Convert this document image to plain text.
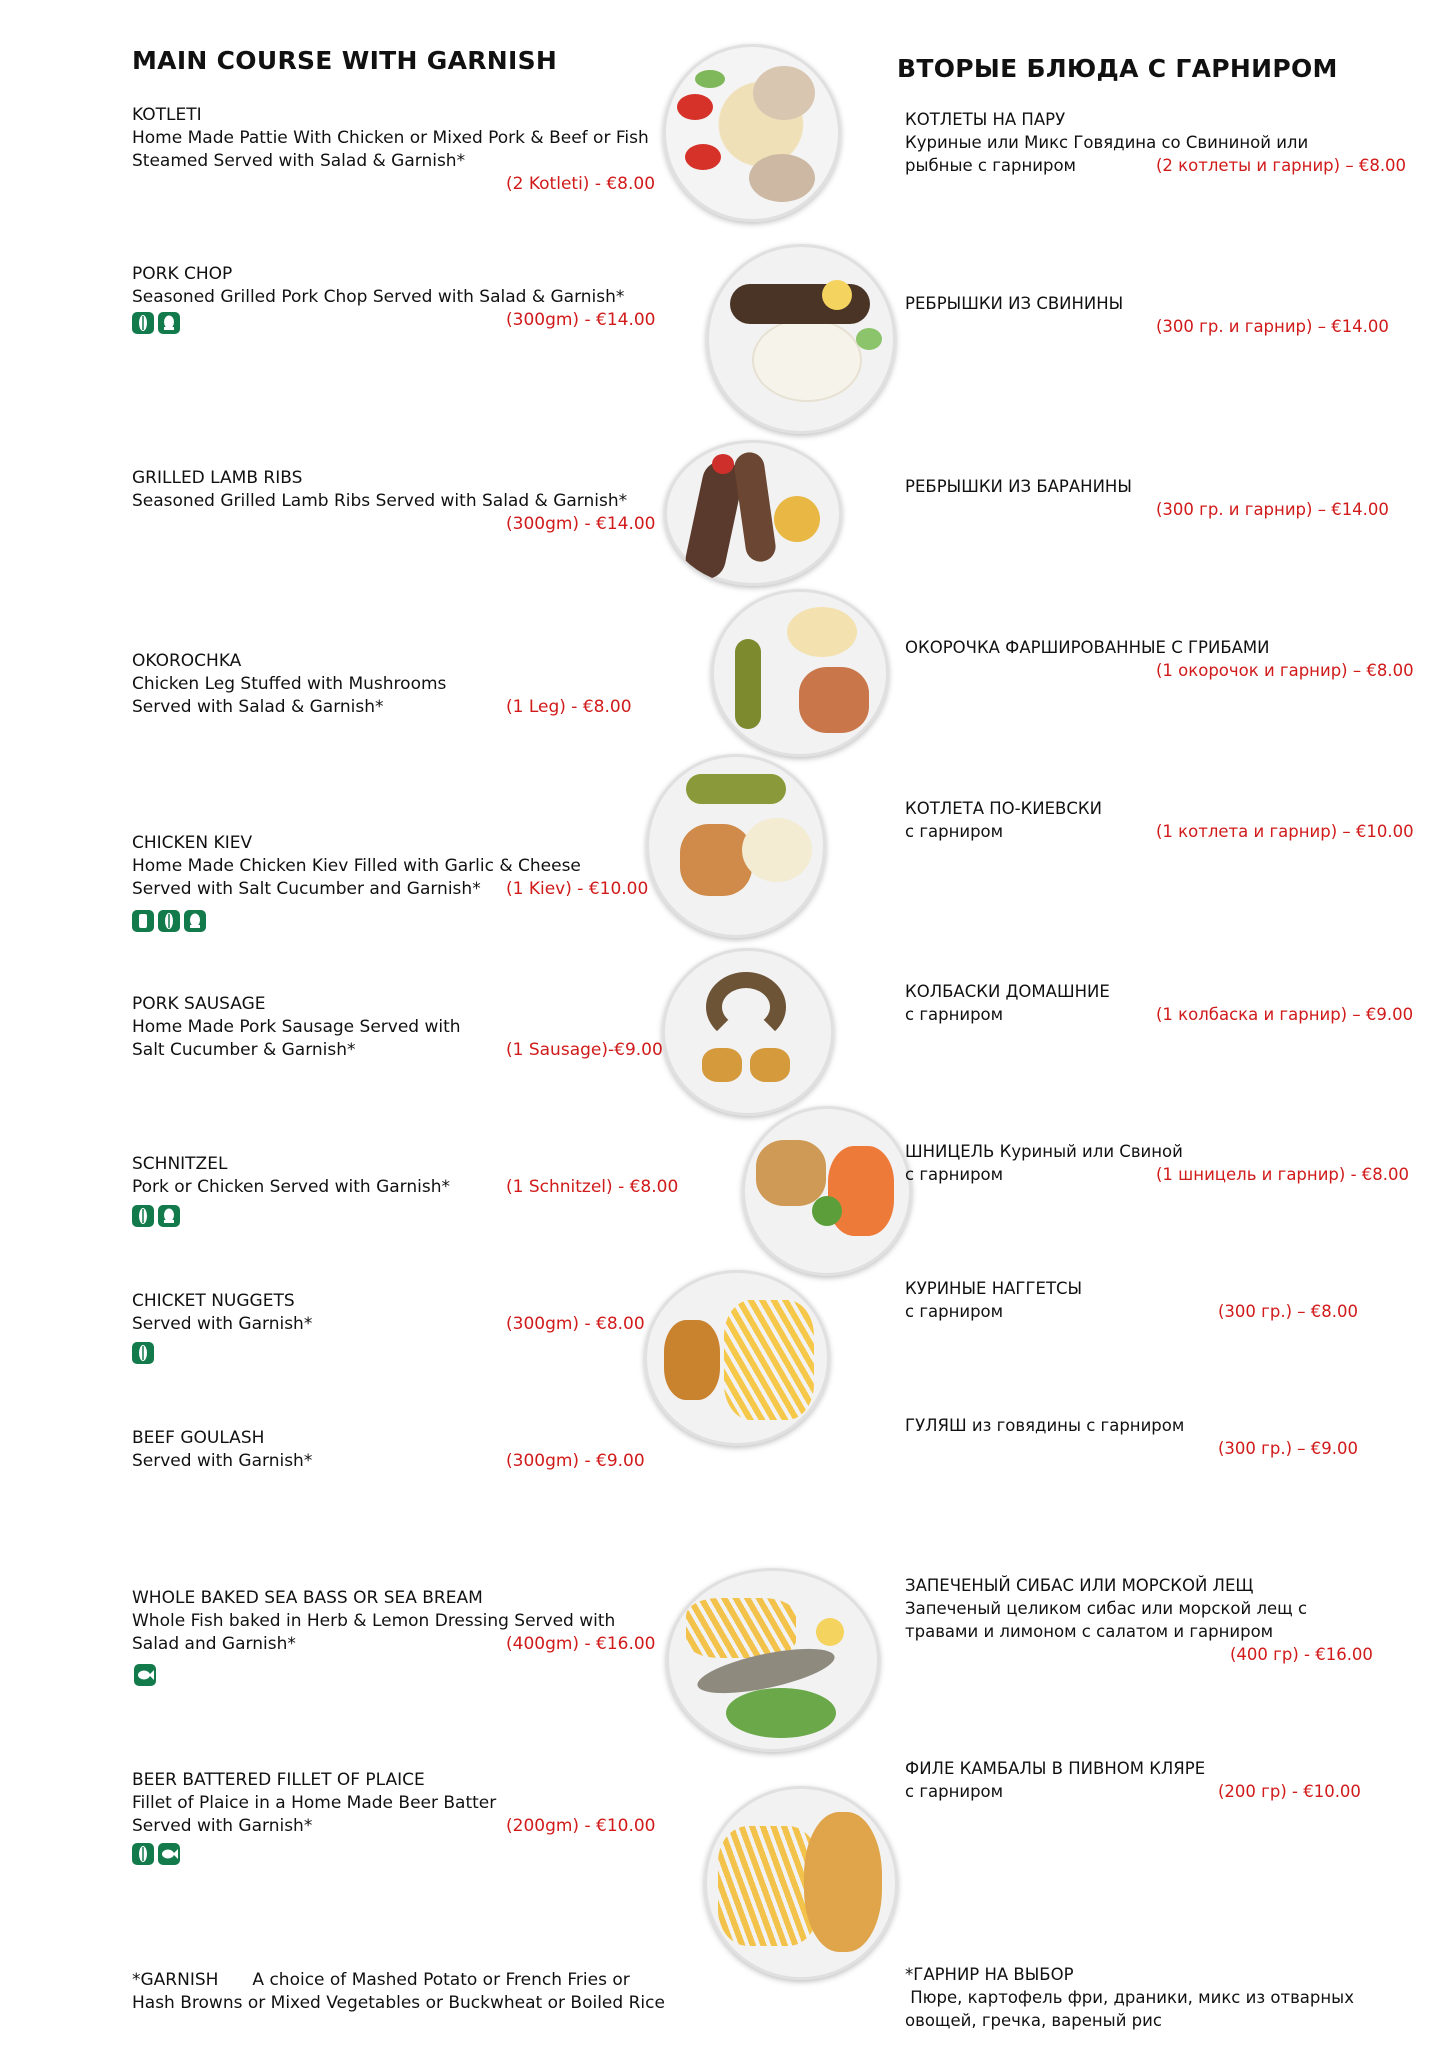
MAIN COURSE WITH GARNISH	ВТОРЫЕ БЛЮДА С ГАРНИРОМ
KOTLETI
Home Made Pattie With Chicken or Mixed Pork & Beef or Fish
Steamed Served with Salad & Garnish*
(2 Kotleti) - €8.00
PORK CHOP
Seasoned Grilled Pork Chop Served with Salad & Garnish*
(300gm) - €14.00
GRILLED LAMB RIBS
Seasoned Grilled Lamb Ribs Served with Salad & Garnish*
(300gm) - €14.00
OKOROCHKA
Chicken Leg Stuffed with Mushrooms
Served with Salad & Garnish*	(1 Leg) - €8.00
CHICKEN KIEV
Home Made Chicken Kiev Filled with Garlic & Cheese
Served with Salt Cucumber and Garnish*	(1 Kiev) - €10.00
PORK SAUSAGE
Home Made Pork Sausage Served with
Salt Cucumber & Garnish*	(1 Sausage)-€9.00
SCHNITZEL
Pork or Chicken Served with Garnish*	(1 Schnitzel) - €8.00
CHICKET NUGGETS
Served with Garnish*	(300gm) - €8.00
BEEF GOULASH
Served with Garnish*	(300gm) - €9.00
WHOLE BAKED SEA BASS OR SEA BREAM
Whole Fish baked in Herb & Lemon Dressing Served with
Salad and Garnish*	(400gm) - €16.00
BEER BATTERED FILLET OF PLAICE
Fillet of Plaice in a Home Made Beer Batter
Served with Garnish*	(200gm) - €10.00
*GARNISH A choice of Mashed Potato or French Fries or
Hash Browns or Mixed Vegetables or Buckwheat or Boiled Rice
КОТЛЕТЫ НА ПАРУ
Куриные или Микс Говядина со Свининой или
рыбные с гарниром	(2 котлеты и гарнир) – €8.00
РЕБРЫШКИ ИЗ СВИНИНЫ
(300 гр. и гарнир) – €14.00
РЕБРЫШКИ ИЗ БАРАНИНЫ
(300 гр. и гарнир) – €14.00
ОКОРОЧКА ФАРШИРОВАННЫЕ С ГРИБАМИ
(1 окорочок и гарнир) – €8.00
КОТЛЕТА ПО-КИЕВСКИ
с гарниром	(1 котлета и гарнир) – €10.00
КОЛБАСКИ ДОМАШНИЕ
с гарниром	(1 колбаска и гарнир) – €9.00
ШНИЦЕЛЬ Куриный или Свиной
с гарниром	(1 шницель и гарнир) - €8.00
КУРИНЫЕ НАГГЕТСЫ
с гарниром	(300 гр.) – €8.00
ГУЛЯШ из говядины с гарниром
(300 гр.) – €9.00
ЗАПЕЧЕНЫЙ СИБАС ИЛИ МОРСКОЙ ЛЕЩ
Запеченый целиком сибас или морской лещ с
травами и лимоном с салатом и гарниром
(400 гр) - €16.00
ФИЛЕ КАМБАЛЫ В ПИВНОМ КЛЯРЕ
с гарниром	(200 гр) - €10.00
*ГАРНИР НА ВЫБОР
Пюре, картофель фри, драники, микс из отварных
овощей, гречка, вареный рис
